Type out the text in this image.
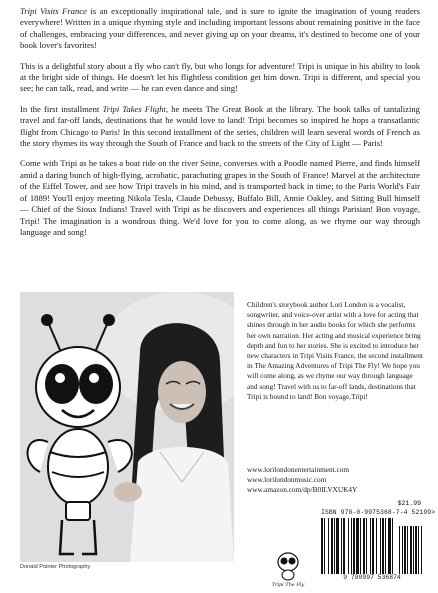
Tripi Visits France is an exceptionally inspirational tale, and is sure to ignite the imagination of young readers everywhere! Written in a unique rhyming style and including important lessons about remaining positive in the face of challenges, embracing your differences, and never giving up on your dreams, it's destined to become one of your book lover's favorites!

This is a delightful story about a fly who can't fly, but who longs for adventure! Tripi is unique in his ability to look at the bright side of things. He doesn't let his flightless condition get him down. Tripi is different, and special you see; he can talk, read, and write — he can even dance and sing!

In the first installment Tripi Takes Flight, he meets The Great Book at the library. The book talks of tantalizing travel and far-off lands, destinations that he would love to land! Tripi becomes so inspired he hops a transatlantic flight from Chicago to Paris! In this second installment of the series, children will learn several words of French as the story rhymes its way through the South of France and back to the streets of the City of Light — Paris!

Come with Tripi as he takes a boat ride on the river Seine, converses with a Poodle named Pierre, and finds himself amid a daring bunch of high-flying, acrobatic, parachuting grapes in the South of France! Marvel at the architecture of the Eiffel Tower, and see how Tripi travels in his mind, and is transported back in time; to the Paris World's Fair of 1889! You'll enjoy meeting Nikola Tesla, Claude Debussy, Buffalo Bill, Annie Oakley, and Sitting Bull himself — Chief of the Sioux Indians! Travel with Tripi as he discovers and experiences all things Parisian! Bon voyage, Tripi! The imagination is a wondrous thing. We'd love for you to come along, as we rhyme our way through language and song!

Donald Pointer Photography
Children's storybook author Lori London is a vocalist, songwriter, and voice-over artist with a love for acting that shines through in her audio books for which she performs her own narration. Her acting and musical experience bring depth and fun to her stories. She is excited to introduce her new characters in Tripi Visits France, the second installment in The Amazing Adventures of Tripi The Fly! We hope you will come along, as we rhyme our way through language and song! Travel with us to far-off lands, destinations that Tripi is bound to land! Bon voyage,Tripi!
www.lorilondonentertainment.com
www.lorilondonmusic.com
www.amazon.com/dp/B0ILVXUK4Y
Tripi The Fly
$21.99
ISBN 978-0-9975368-7-4 52199>
9 780997 536874
